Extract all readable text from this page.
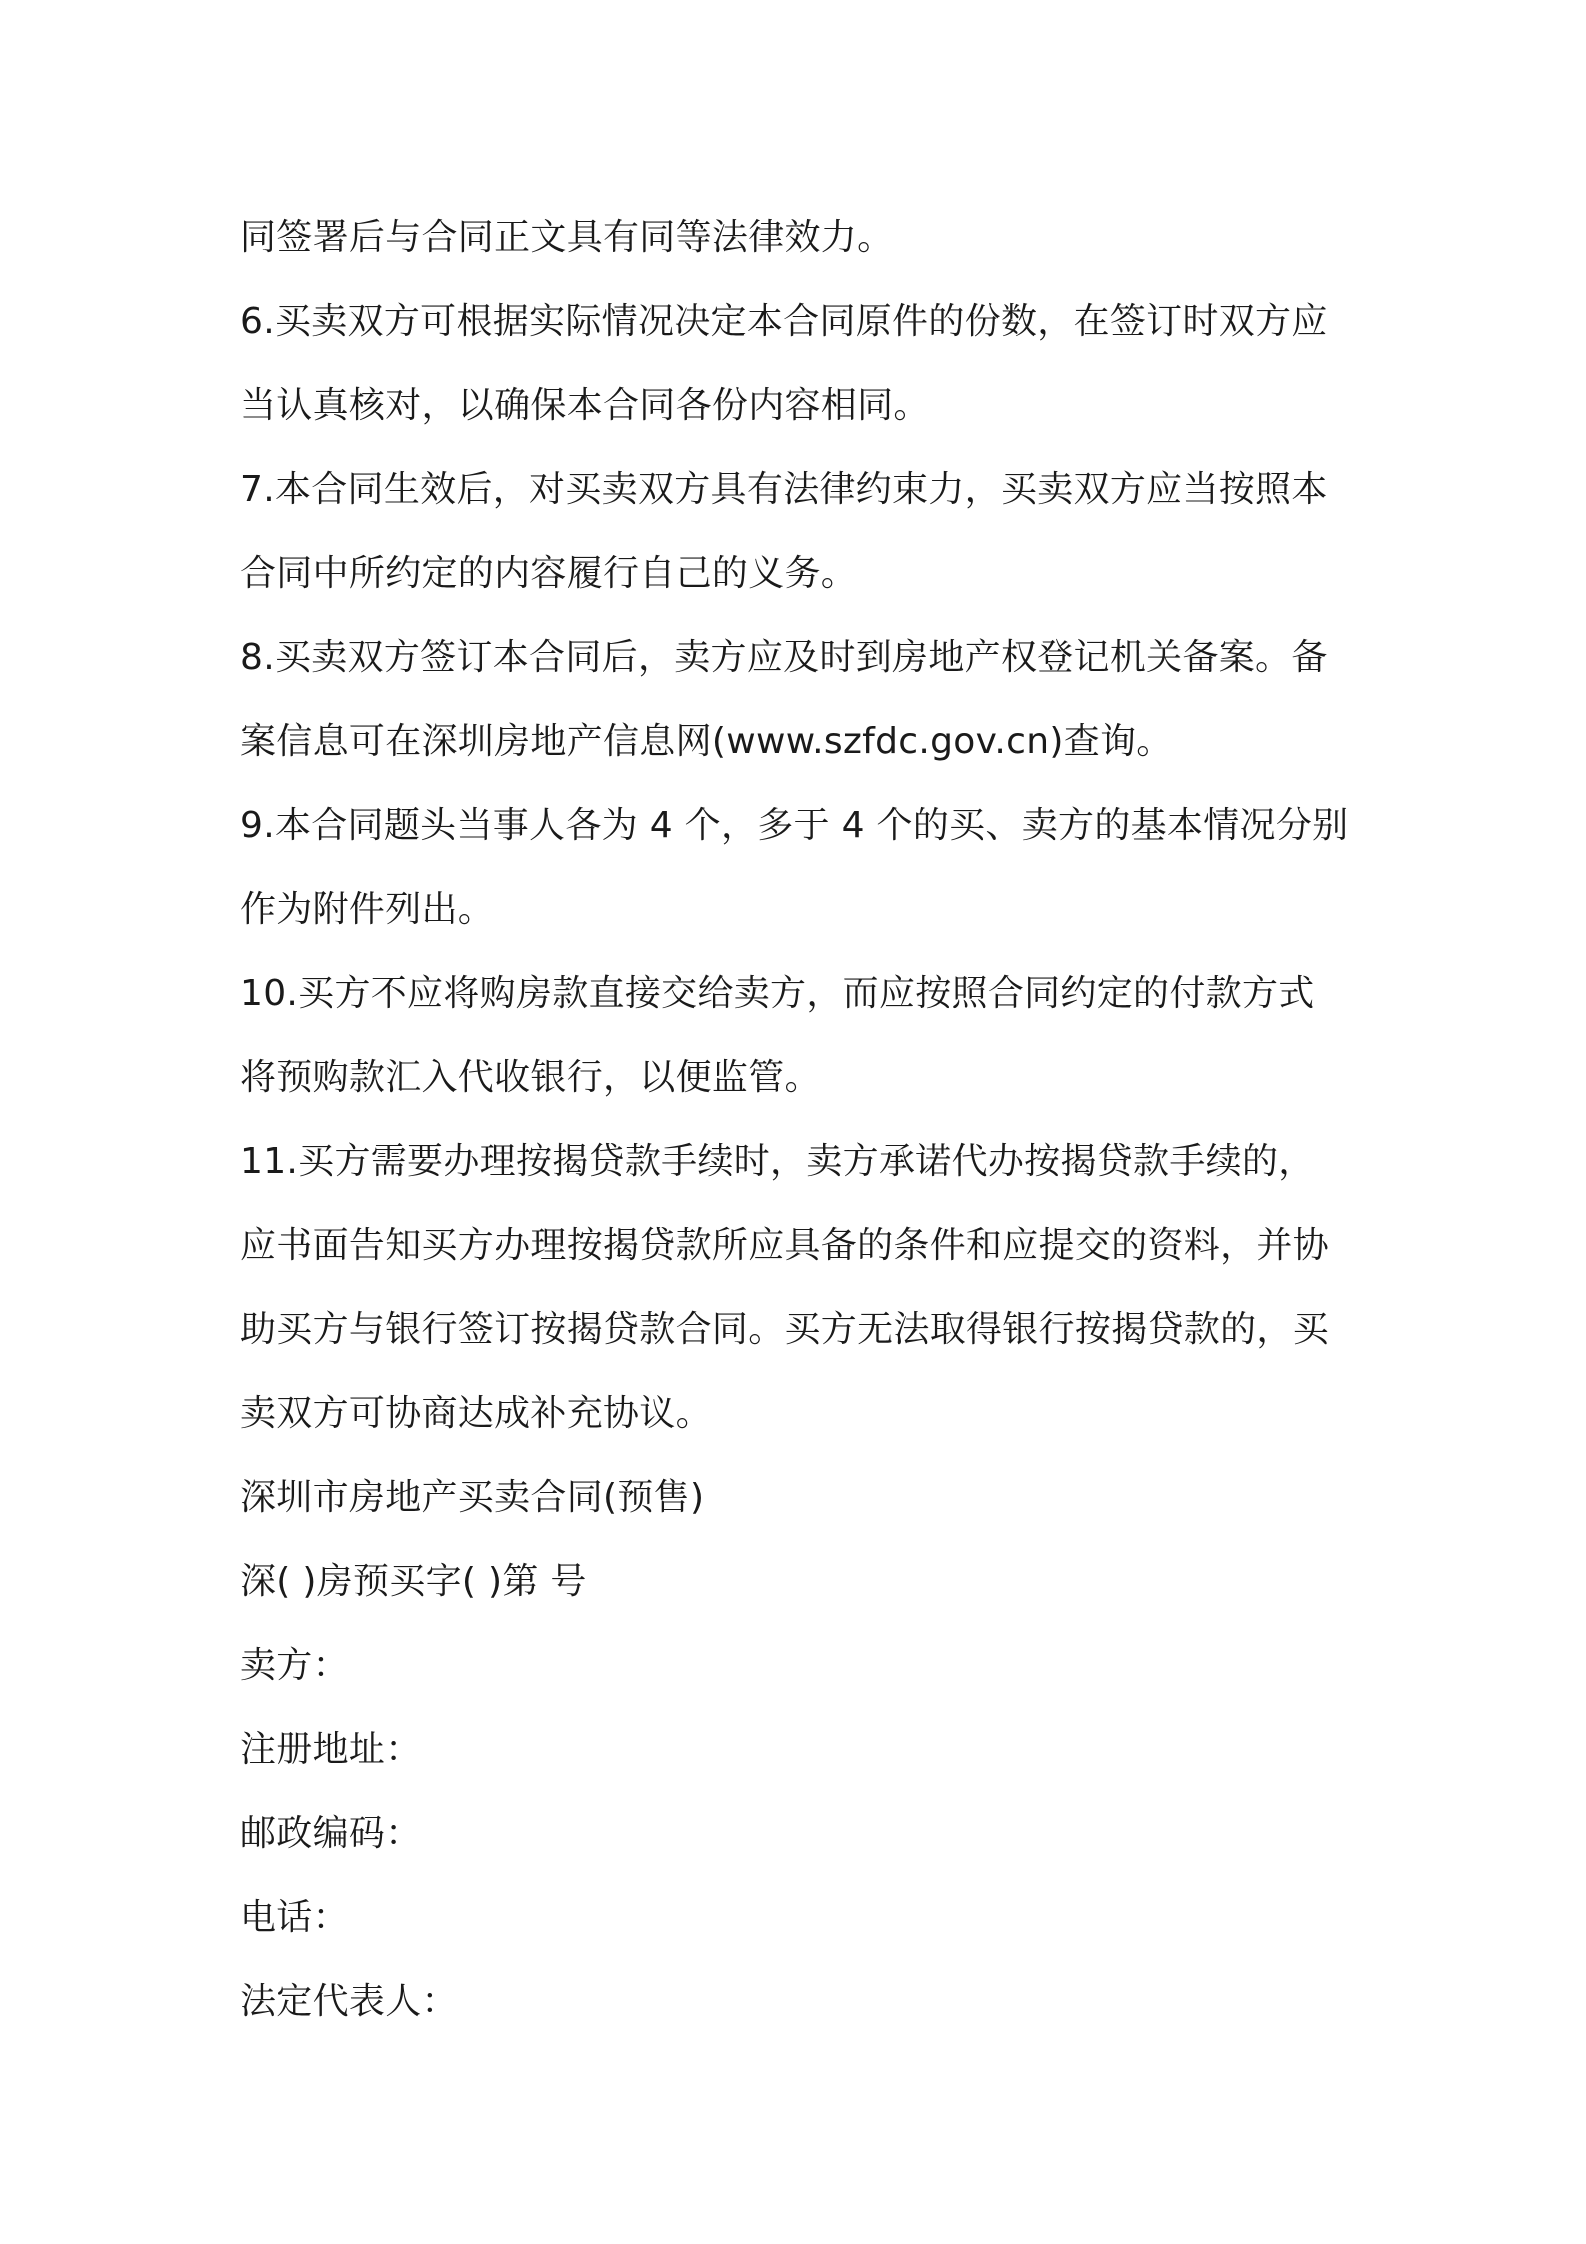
同签署后与合同正文具有同等法律效力。
6.买卖双方可根据实际情况决定本合同原件的份数，在签订时双方应
当认真核对，以确保本合同各份内容相同。
7.本合同生效后，对买卖双方具有法律约束力，买卖双方应当按照本
合同中所约定的内容履行自己的义务。
8.买卖双方签订本合同后，卖方应及时到房地产权登记机关备案。备
案信息可在深圳房地产信息网(www.szfdc.gov.cn)查询。
9.本合同题头当事人各为 4 个，多于 4 个的买、卖方的基本情况分别
作为附件列出。
10.买方不应将购房款直接交给卖方，而应按照合同约定的付款方式
将预购款汇入代收银行，以便监管。
11.买方需要办理按揭贷款手续时，卖方承诺代办按揭贷款手续的，
应书面告知买方办理按揭贷款所应具备的条件和应提交的资料，并协
助买方与银行签订按揭贷款合同。买方无法取得银行按揭贷款的，买
卖双方可协商达成补充协议。
深圳市房地产买卖合同(预售)
深( )房预买字( )第 号
卖方：
注册地址：
邮政编码：
电话：
法定代表人：
